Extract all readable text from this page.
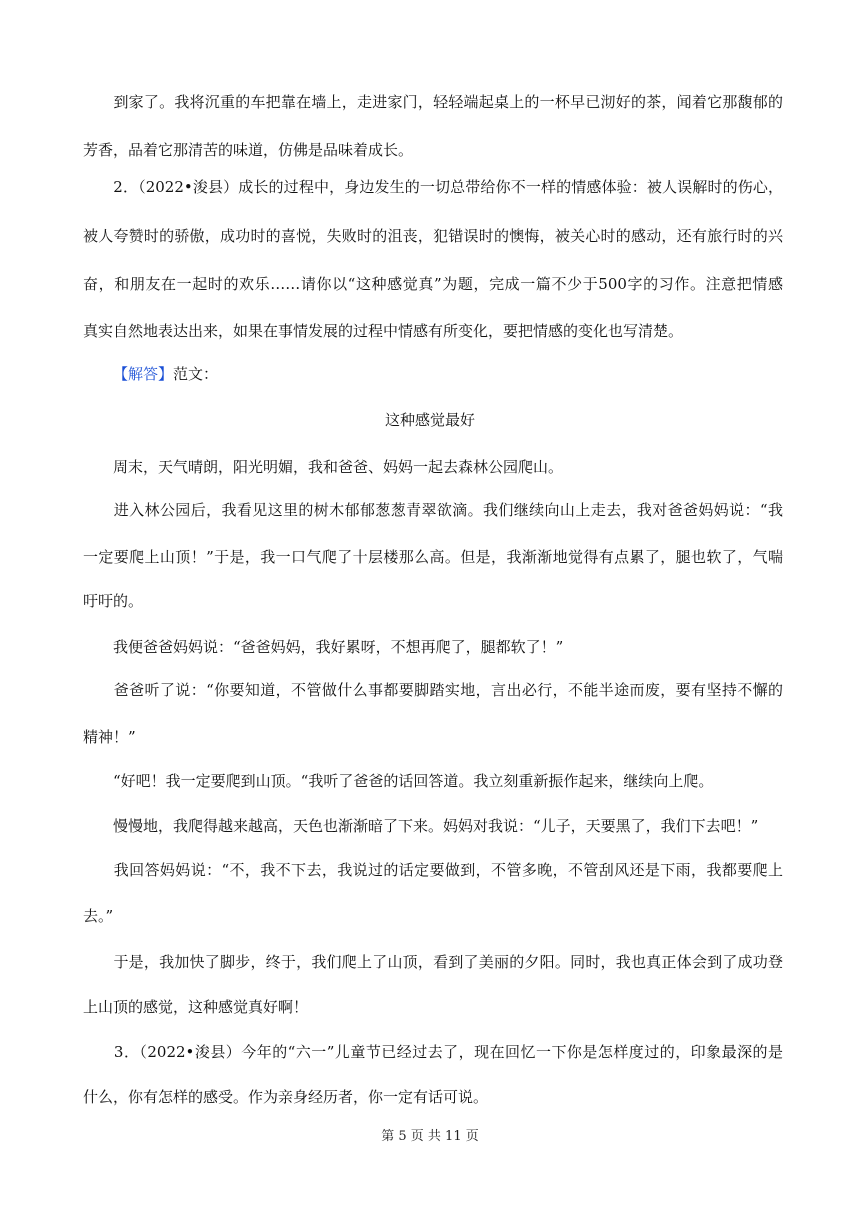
　　到家了。我将沉重的车把靠在墙上，走进家门，轻轻端起桌上的一杯早已沏好的茶，闻着它那馥郁的
芳香，品着它那清苦的味道，仿佛是品味着成长。
　　2．（2022•浚县）成长的过程中，身边发生的一切总带给你不一样的情感体验：被人误解时的伤心，
被人夸赞时的骄傲，成功时的喜悦，失败时的沮丧，犯错误时的懊悔，被关心时的感动，还有旅行时的兴
奋，和朋友在一起时的欢乐……请你以“这种感觉真”为题，完成一篇不少于500字的习作。注意把情感
真实自然地表达出来，如果在事情发展的过程中情感有所变化，要把情感的变化也写清楚。
【解答】范文：
这种感觉最好
　　周末，天气晴朗，阳光明媚，我和爸爸、妈妈一起去森林公园爬山。
　　进入林公园后，我看见这里的树木郁郁葱葱青翠欲滴。我们继续向山上走去，我对爸爸妈妈说：“我
一定要爬上山顶！”于是，我一口气爬了十层楼那么高。但是，我渐渐地觉得有点累了，腿也软了，气喘
吁吁的。
　　我便爸爸妈妈说：“爸爸妈妈，我好累呀，不想再爬了，腿都软了！”
　　爸爸听了说：“你要知道，不管做什么事都要脚踏实地，言出必行，不能半途而废，要有坚持不懈的
精神！”
　　“好吧！我一定要爬到山顶。“我听了爸爸的话回答道。我立刻重新振作起来，继续向上爬。
　　慢慢地，我爬得越来越高，天色也渐渐暗了下来。妈妈对我说：“儿子，天要黑了，我们下去吧！”
　　我回答妈妈说：“不，我不下去，我说过的话定要做到，不管多晚，不管刮风还是下雨，我都要爬上
去。”
　　于是，我加快了脚步，终于，我们爬上了山顶，看到了美丽的夕阳。同时，我也真正体会到了成功登
上山顶的感觉，这种感觉真好啊！
　　3．（2022•浚县）今年的“六一”儿童节已经过去了，现在回忆一下你是怎样度过的，印象最深的是
什么，你有怎样的感受。作为亲身经历者，你一定有话可说。
第 5 页 共 11 页
